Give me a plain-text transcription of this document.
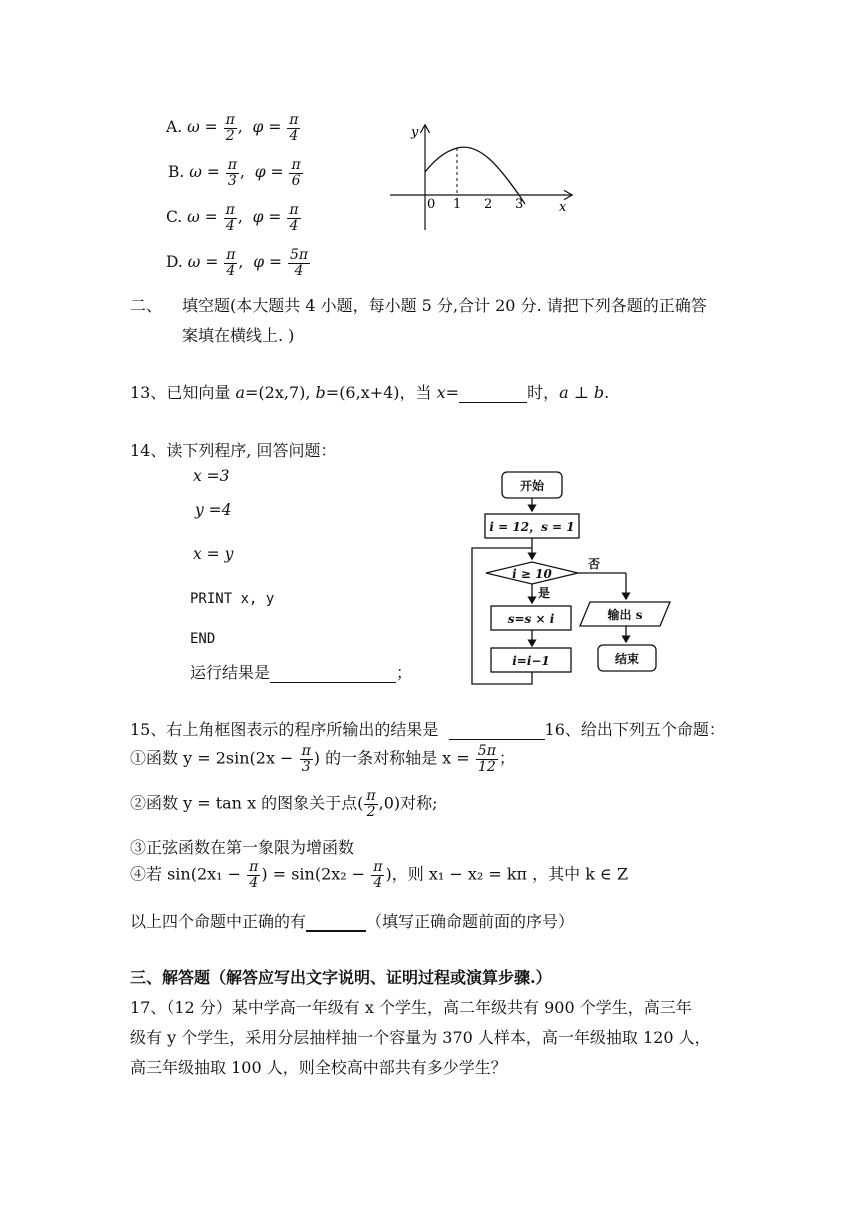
A. $\omega = \frac{\pi}{2}$ ,  $\varphi = \frac{\pi}{4}$
B. $\omega = \frac{\pi}{3}$ ,  $\varphi = \frac{\pi}{6}$
C. $\omega = \frac{\pi}{4}$ ,  $\varphi = \frac{\pi}{4}$
D. $\omega = \frac{\pi}{4}$ ,  $\varphi = \frac{5\pi}{4}$
y
x
0 1 2 3
二、 填空题(本大题共 4 小题，每小题 5 分,合计 20 分. 请把下列各题的正确答
案填在横线上. )
13、已知向量 a=(2x,7), b=(6,x+4)，当 x=	时，a ⊥ b.
14、读下列程序, 回答问题：
x =3
y =4
x = y
PRINT x, y
END
运行结果是	；
开始
i = 12，s = 1
i ≥ 10
否
是
s=s × i
i=i−1
输出 s
结束
15、右上角框图表示的程序所输出的结果是	16、给出下列五个命题：
①函数 $y = 2\sin(2x - \frac{\pi}{3}$ ) 的一条对称轴是 $x = \frac{5\pi}{12}$ ；
②函数 y = tan x 的图象关于点( $\frac{\pi}{2} ,0$)对称;
③正弦函数在第一象限为增函数
④若 $\sin(2x_1 - \frac{\pi}{4}$ ) = $\sin(2x_2 - \frac{\pi}{4}$ )，则 x₁ − x₂ = kπ ，其中 k ∈ Z
以上四个命题中正确的有	（填写正确命题前面的序号）
三、解答题（解答应写出文字说明、证明过程或演算步骤.）
17、（12 分）某中学高一年级有 x 个学生，高二年级共有 900 个学生，高三年
级有 y 个学生，采用分层抽样抽一个容量为 370 人样本，高一年级抽取 120 人，
高三年级抽取 100 人，则全校高中部共有多少学生？
